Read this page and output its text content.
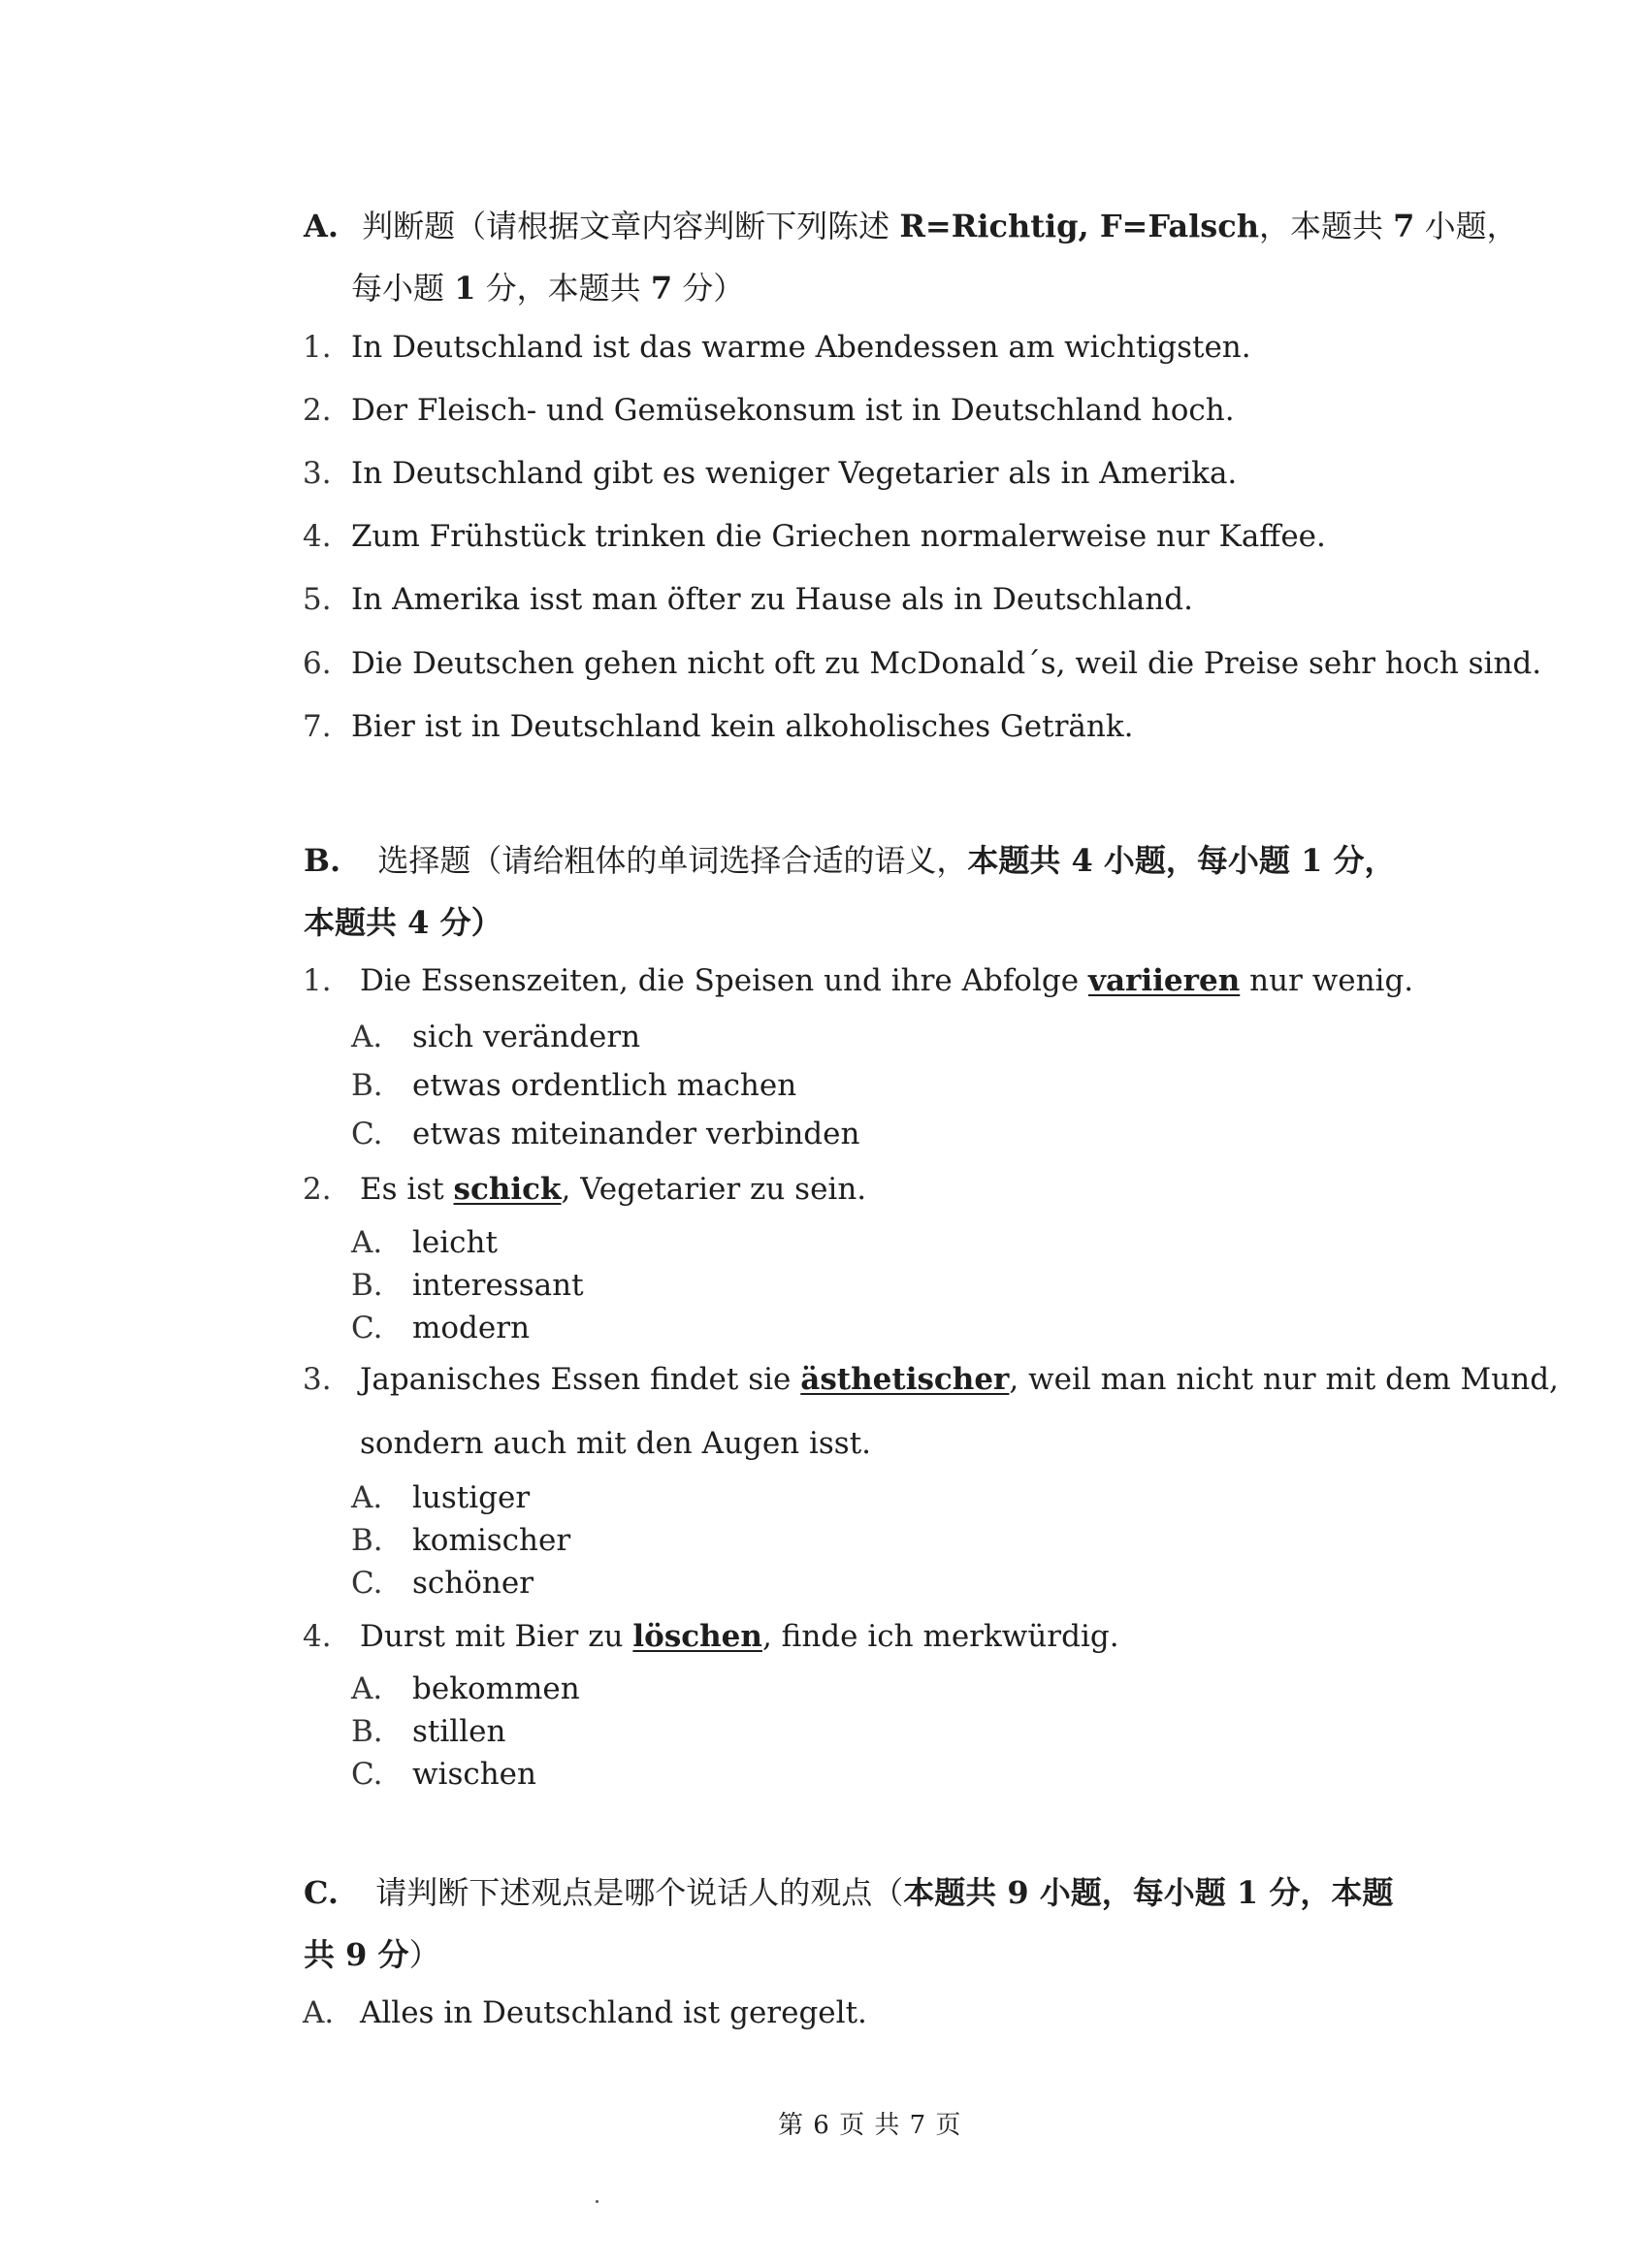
A. 判断题（请根据文章内容判断下列陈述 R=Richtig, F=Falsch，本题共 7 小题，
每小题 1 分，本题共 7 分）
1. In Deutschland ist das warme Abendessen am wichtigsten.
2. Der Fleisch- und Gemüsekonsum ist in Deutschland hoch.
3. In Deutschland gibt es weniger Vegetarier als in Amerika.
4. Zum Frühstück trinken die Griechen normalerweise nur Kaffee.
5. In Amerika isst man öfter zu Hause als in Deutschland.
6. Die Deutschen gehen nicht oft zu McDonald´s, weil die Preise sehr hoch sind.
7. Bier ist in Deutschland kein alkoholisches Getränk.
B. 选择题（请给粗体的单词选择合适的语义，本题共 4 小题，每小题 1 分，
本题共 4 分）
1. Die Essenszeiten, die Speisen und ihre Abfolge variieren nur wenig.
A. sich verändern
B. etwas ordentlich machen
C. etwas miteinander verbinden
2. Es ist schick, Vegetarier zu sein.
A. leicht
B. interessant
C. modern
3. Japanisches Essen findet sie ästhetischer, weil man nicht nur mit dem Mund,
sondern auch mit den Augen isst.
A. lustiger
B. komischer
C. schöner
4. Durst mit Bier zu löschen, finde ich merkwürdig.
A. bekommen
B. stillen
C. wischen
C. 请判断下述观点是哪个说话人的观点（本题共 9 小题，每小题 1 分，本题
共 9 分）
A. Alles in Deutschland ist geregelt.
第 6 页 共 7 页
